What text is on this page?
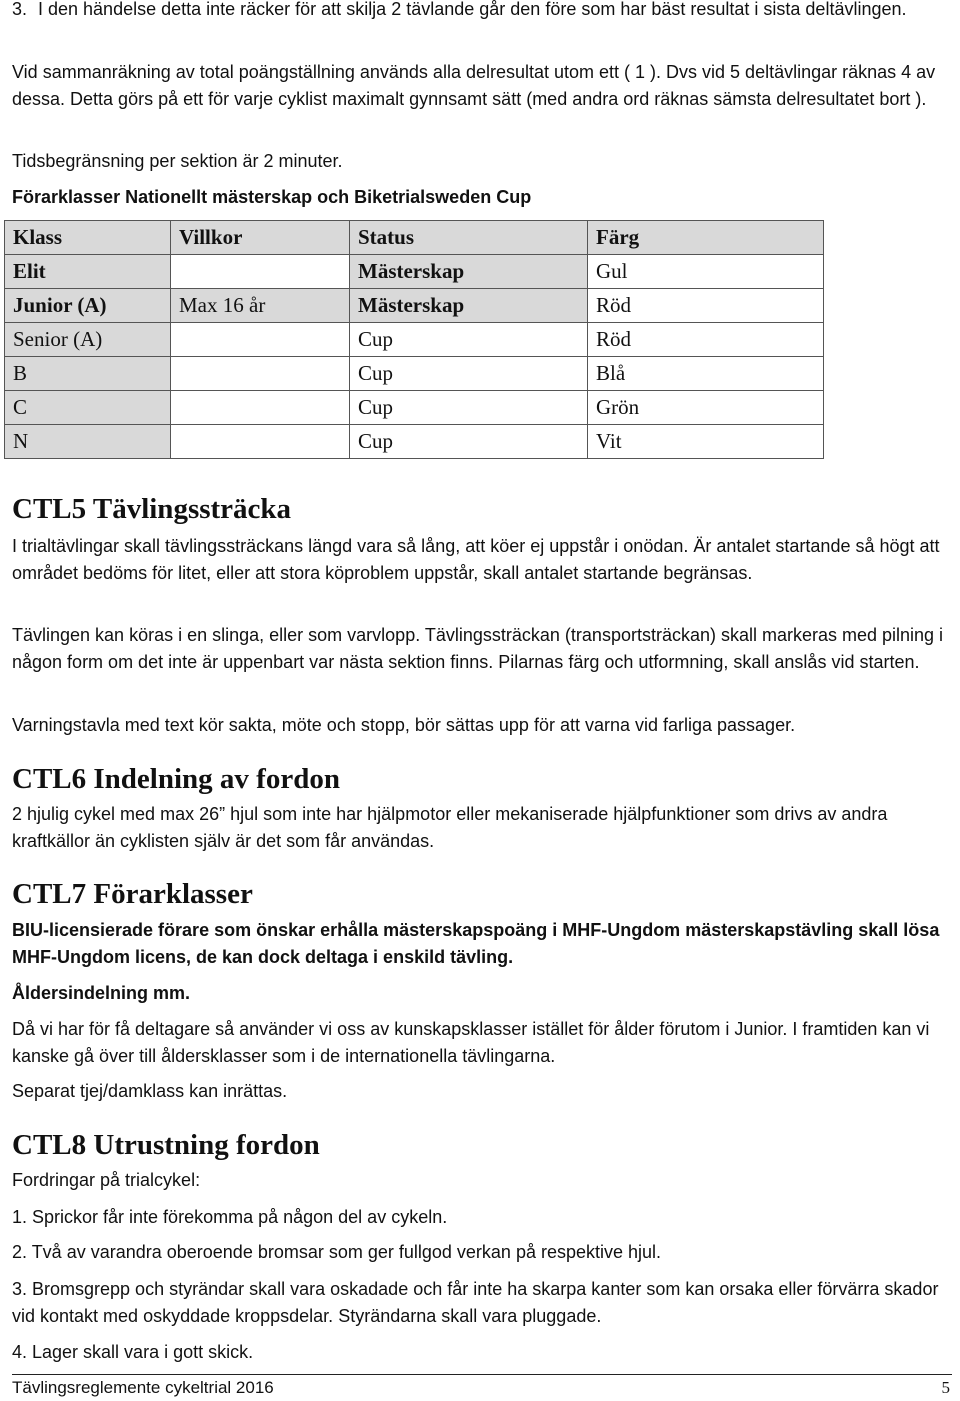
3. I den händelse detta inte räcker för att skilja 2 tävlande går den före som har bäst resultat i sista deltävlingen.

Vid sammanräkning av total poängställning används alla delresultat utom ett ( 1 ). Dvs vid 5 deltävlingar räknas 4 av dessa. Detta görs på ett för varje cyklist maximalt gynnsamt sätt (med andra ord räknas sämsta delresultatet bort ).

Tidsbegränsning per sektion är 2 minuter.

Förarklasser Nationellt mästerskap och Biketrialsweden Cup

Klass	Villkor	Status	Färg
Elit		Mästerskap	Gul
Junior (A)	Max 16 år	Mästerskap	Röd
Senior (A)		Cup	Röd
B		Cup	Blå
C		Cup	Grön
N		Cup	Vit
CTL5 Tävlingssträcka

I trialtävlingar skall tävlingssträckans längd vara så lång, att köer ej uppstår i onödan. Är antalet startande så högt att området bedöms för litet, eller att stora köproblem uppstår, skall antalet startande begränsas.

Tävlingen kan köras i en slinga, eller som varvlopp. Tävlingssträckan (transportsträckan) skall markeras med pilning i någon form om det inte är uppenbart var nästa sektion finns. Pilarnas färg och utformning, skall anslås vid starten.

Varningstavla med text kör sakta, möte och stopp, bör sättas upp för att varna vid farliga passager.

CTL6 Indelning av fordon

2 hjulig cykel med max 26” hjul som inte har hjälpmotor eller mekaniserade hjälpfunktioner som drivs av andra kraftkällor än cyklisten själv är det som får användas.

CTL7 Förarklasser

BIU-licensierade förare som önskar erhålla mästerskapspoäng i MHF-Ungdom mästerskapstävling skall lösa MHF-Ungdom licens, de kan dock deltaga i enskild tävling.

Åldersindelning mm.

Då vi har för få deltagare så använder vi oss av kunskapsklasser istället för ålder förutom i Junior. I framtiden kan vi kanske gå över till åldersklasser som i de internationella tävlingarna.

Separat tjej/damklass kan inrättas.

CTL8 Utrustning fordon

Fordringar på trialcykel:

1. Sprickor får inte förekomma på någon del av cykeln.

2. Två av varandra oberoende bromsar som ger fullgod verkan på respektive hjul.

3. Bromsgrepp och styrändar skall vara oskadade och får inte ha skarpa kanter som kan orsaka eller förvärra skador vid kontakt med oskyddade kroppsdelar. Styrändarna skall vara pluggade.

4. Lager skall vara i gott skick.

Tävlingsreglemente cykeltrial 2016	5
